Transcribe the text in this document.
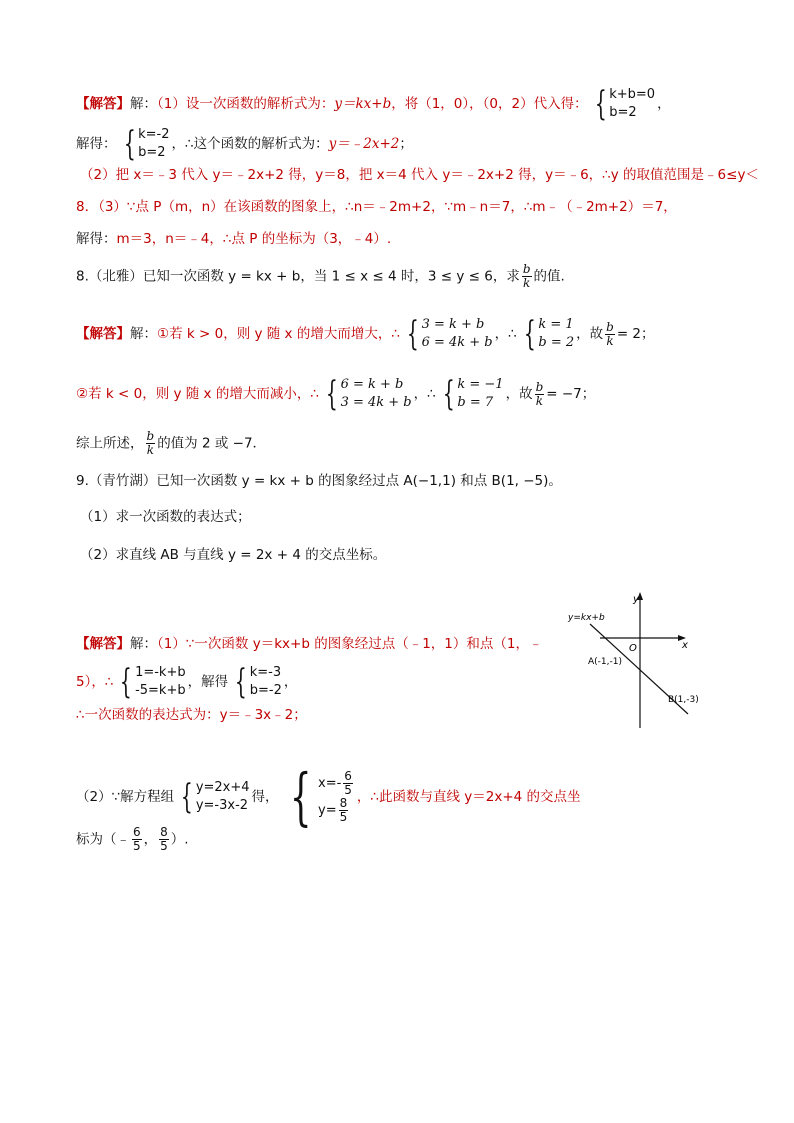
【解答】解：（1）设一次函数的解析式为：y＝kx+b，将（1，0），（0，2）代入得： { k+b=0
b=2
，
解得： { k=-2
b=2
，∴这个函数的解析式为：y＝﹣2x+2；
（2）把 x＝﹣3 代入 y＝﹣2x+2 得，y＝8，把 x＝4 代入 y＝﹣2x+2 得，y＝﹣6，∴y 的取值范围是﹣6≤y＜
8．（3）∵点 P（m，n）在该函数的图象上，∴n＝﹣2m+2，∵m﹣n＝7，∴m﹣（﹣2m+2）＝7，
解得：m＝3，n＝﹣4，∴点 P 的坐标为（3，﹣4）.
8.（北雅）已知一次函数 y = kx + b，当 1 ≤ x ≤ 4 时，3 ≤ y ≤ 6，求 $\frac{b}{k}$ 的值.
【解答】解：①若 k > 0，则 y 随 x 的增大而增大，∴ { 3 = k + b
6 = 4k + b
，∴ { k = 1
b = 2
，故 $\frac{b}{k} = 2$；
②若 k < 0，则 y 随 x 的增大而减小，∴ { 6 = k + b
3 = 4k + b
，∴ { k = −1
b = 7
，故 $\frac{b}{k} = -7$；
综上所述， $\frac{b}{k}$ 的值为 2 或 −7．
9.（青竹湖）已知一次函数 y = kx + b 的图象经过点 A(−1,1) 和点 B(1, −5)。
（1）求一次函数的表达式；
（2）求直线 AB 与直线 y = 2x + 4 的交点坐标。
【解答】解：（1）∵一次函数 y＝kx+b 的图象经过点（﹣1，1）和点（1，﹣
5），∴ { 1=-k+b
-5=k+b
，解得 { k=-3
b=-2
，
∴一次函数的表达式为：y＝﹣3x﹣2；
（2）∵解方程组 { y=2x+4
y=-3x-2
得， { $x=- \frac{6}{5}$
$y= \frac{8}{5}$ ，∴此函数与直线 y＝2x+4 的交点坐
标为（﹣ $\frac{6}{5}$ ， $\frac{8}{5}$ ）.
y=kx+b
y
x
O
A(-1,-1)
B(1,-3)
